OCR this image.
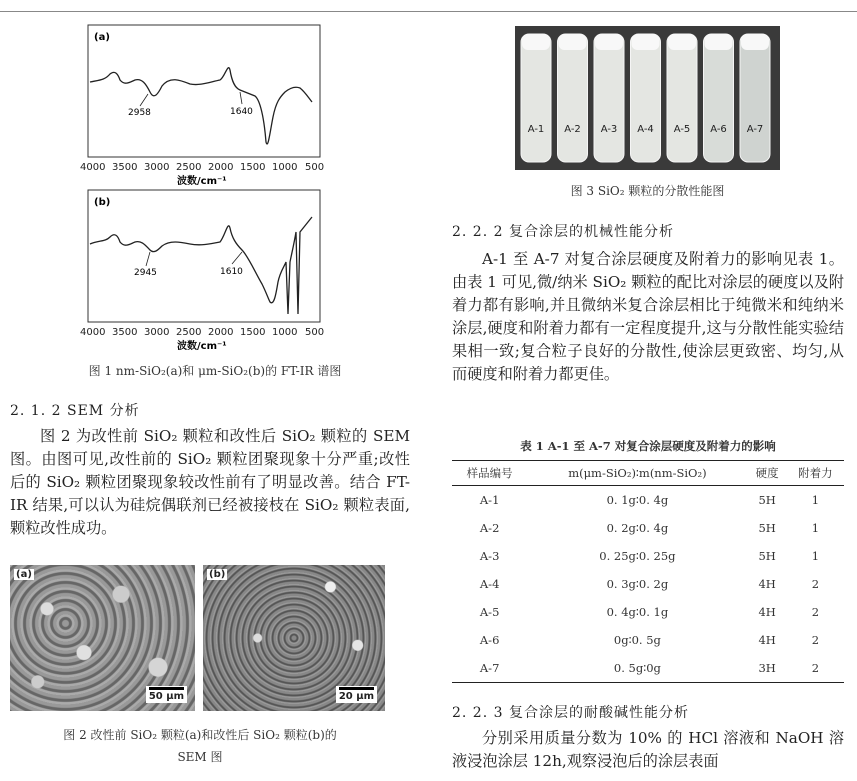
(a)
2958	1640
4000 3500 3000 2500 2000 1500 1000 500
波数/cm⁻¹
(b)
2945	1610
4000 3500 3000 2500 2000 1500 1000 500
波数/cm⁻¹
图 1 nm-SiO₂(a)和 μm-SiO₂(b)的 FT-IR 谱图
2. 1. 2 SEM 分析
图 2 为改性前 SiO₂ 颗粒和改性后 SiO₂ 颗粒的 SEM 图。由图可见,改性前的 SiO₂ 颗粒团聚现象十分严重;改性后的 SiO₂ 颗粒团聚现象较改性前有了明显改善。结合 FT-IR 结果,可以认为硅烷偶联剂已经被接枝在 SiO₂ 颗粒表面,颗粒改性成功。
(a)
50 μm
(b)
20 μm
图 2 改性前 SiO₂ 颗粒(a)和改性后 SiO₂ 颗粒(b)的
SEM 图
A-1 A-2 A-3 A-4 A-5 A-6 A-7
图 3 SiO₂ 颗粒的分散性能图
2. 2. 2 复合涂层的机械性能分析
A-1 至 A-7 对复合涂层硬度及附着力的影响见表 1。由表 1 可见,微/纳米 SiO₂ 颗粒的配比对涂层的硬度以及附着力都有影响,并且微纳米复合涂层相比于纯微米和纯纳米涂层,硬度和附着力都有一定程度提升,这与分散性能实验结果相一致;复合粒子良好的分散性,使涂层更致密、均匀,从而硬度和附着力都更佳。
表 1 A-1 至 A-7 对复合涂层硬度及附着力的影响
样品编号	m(μm-SiO₂)∶m(nm-SiO₂)	硬度	附着力
A-1	0. 1g∶0. 4g	5H	1
A-2	0. 2g∶0. 4g	5H	1
A-3	0. 25g∶0. 25g	5H	1
A-4	0. 3g∶0. 2g	4H	2
A-5	0. 4g∶0. 1g	4H	2
A-6	0g∶0. 5g	4H	2
A-7	0. 5g∶0g	3H	2
2. 2. 3 复合涂层的耐酸碱性能分析
分别采用质量分数为 10% 的 HCl 溶液和 NaOH 溶液浸泡涂层 12h,观察浸泡后的涂层表面
